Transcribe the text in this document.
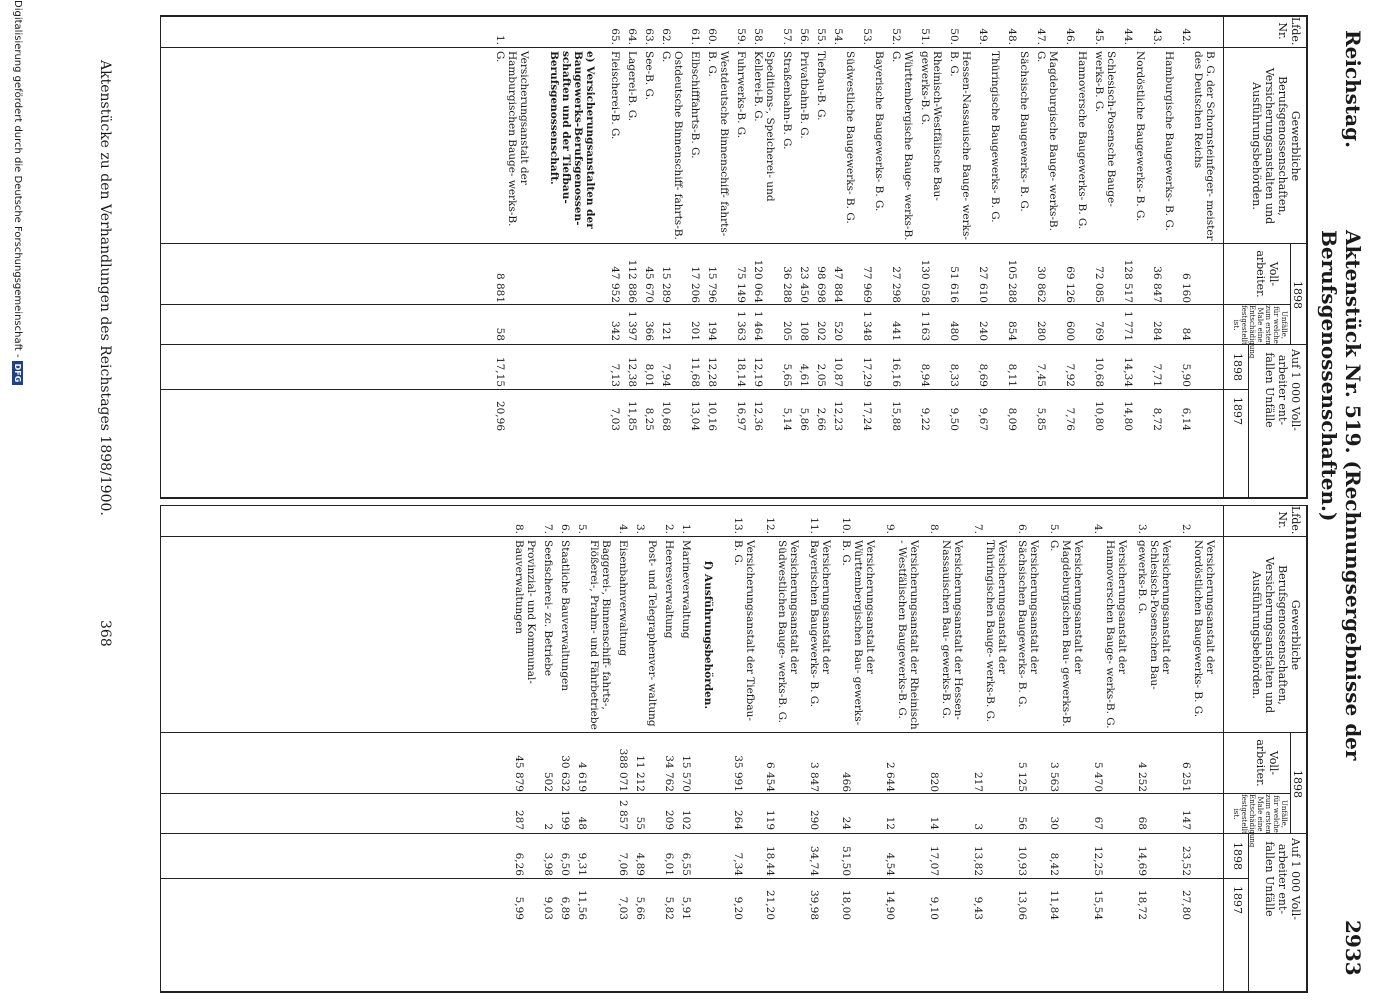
Reichstag.
Aktenstück Nr. 519. (Rechnungsergebnisse der Berufsgenossenschaften.)
2933
Lfde. Nr.
Gewerbliche Berufsgenossenschaften, Versicherungsanstalten und Ausführungsbehörden.
1898
Voll- arbeiter.
Unfälle, für welche zum ersten Male eine Entschädigung festgestellt ist.
Auf 1 000 Voll- arbeiter ent- fallen Unfälle
1898
1897
42.
B. G. der Schornsteinfeger- meister des Deutschen Reichs
6 160
84
5,90
6,14
43.
Hamburgische Baugewerks- B. G.
36 847
284
7,71
8,72
44.
Nordöstliche Baugewerks- B. G.
128 517
1 771
14,34
14,80
45.
Schlesisch-Posensche Bauge- werks-B. G.
72 085
769
10,68
10,80
46.
Hannoversche Baugewerks- B. G.
69 126
600
7,92
7,76
47.
Magdeburgische Bauge- werks-B. G.
30 862
280
7,45
5,85
48.
Sächsische Baugewerks- B. G.
105 288
854
8,11
8,09
49.
Thüringische Baugewerks- B. G.
27 610
240
8,69
9,67
50.
Hessen-Nassauische Bauge- werks-B. G.
51 616
480
8,33
9,50
51.
Rheinisch-Westfälische Bau- gewerks-B. G.
130 058
1 163
8,94
9,22
52.
Württembergische Bauge- werks-B. G.
27 298
441
16,16
15,88
53.
Bayerische Baugewerks- B. G.
77 969
1 348
17,29
17,24
54.
Südwestliche Baugewerks- B. G.
47 884
520
10,87
12,23
55.
Tiefbau-B. G.
98 698
202
2,05
2,66
56.
Privatbahn-B. G.
23 450
108
4,61
5,86
57.
Straßenbahn-B. G.
36 288
205
5,65
5,14
58.
Speditions-, Speicherei- und Kellerei-B. G.
120 064
1 464
12,19
12,36
59.
Fuhrwerks-B. G.
75 149
1 363
18,14
16,97
60.
Westdeutsche Binnenschiff- fahrts-B. G.
15 796
194
12,28
10,16
61.
Elbschifffahrts-B. G.
17 206
201
11,68
13,04
62.
Ostdeutsche Binnenschiff- fahrts-B. G.
15 289
121
7,94
10,68
63.
See-B. G.
45 670
366
8,01
8,25
64.
Lagerei-B. G.
112 886
1 397
12,38
11,85
65.
Fleischerei-B. G.
47 952
342
7,13
7,03
e) Versicherungsanstalten der Baugewerks-Berufsgenossen- schaften und der Tiefbau- Berufsgenossenschaft.
1.
Versicherungsanstalt der Hamburgischen Bauge- werks-B. G.
8 881
58
17,15
20,96
Lfde. Nr.
Gewerbliche Berufsgenossenschaften, Versicherungsanstalten und Ausführungsbehörden.
1898
Voll- arbeiter.
Unfälle, für welche zum ersten Male eine Entschädigung festgestellt ist.
Auf 1 000 Voll- arbeiter ent- fallen Unfälle
1898
1897
2.
Versicherungsanstalt der Nordöstlichen Baugewerks- B. G.
6 251
147
23,52
27,80
3.
Versicherungsanstalt der Schlesisch-Posenschen Bau- gewerks-B. G.
4 252
68
14,69
18,72
4.
Versicherungsanstalt der Hannoverschen Bauge- werks-B. G.
5 470
67
12,25
15,54
5.
Versicherungsanstalt der Magdeburgischen Bau- gewerks-B. G.
3 563
30
8,42
11,84
6.
Versicherungsanstalt der Sächsischen Baugewerks- B. G.
5 125
56
10,93
13,06
7.
Versicherungsanstalt der Thüringischen Bauge- werks-B. G.
217
3
13,82
9,43
8.
Versicherungsanstalt der Hessen-Nassauischen Bau- gewerks-B. G.
820
14
17,07
9,10
9.
Versicherungsanstalt der Rheinisch - Westfälischen Baugewerks-B. G.
2 644
12
4,54
14,90
10.
Versicherungsanstalt der Württembergischen Bau- gewerks-B. G.
466
24
51,50
18,00
11.
Versicherungsanstalt der Bayerischen Baugewerks- B. G.
3 847
290
34,74
39,98
12.
Versicherungsanstalt der Südwestlichen Bauge- werks-B. G.
6 454
119
18,44
21,20
13.
Versicherungsanstalt der Tiefbau-B. G.
35 991
264
7,34
9,20
f) Ausführungsbehörden.
1.
Marineverwaltung
15 570
102
6,55
5,91
2.
Heeresverwaltung
34 762
209
6,01
5,82
3.
Post- und Telegraphenver- waltung
11 212
55
4,89
5,66
4.
Eisenbahnverwaltung
388 071
2 857
7,06
7,03
5.
Baggerei-, Binnenschiff- fahrts-, Flößerei-, Prahm- und Fährbetriebe
4 619
48
9,31
11,56
6.
Staatliche Bauverwaltungen
30 632
199
6,50
6,89
7.
Seefischerei- zc. Betriebe
502
2
3,98
9,03
8.
Provinzial- und Kommunal- Bauverwaltungen
45 879
287
6,26
5,99
Aktenstücke zu den Verhandlungen des Reichstages 1898/1900.
368
Digitalisierung gefördert durch die Deutsche Forschungsgemeinschaft -DFG
